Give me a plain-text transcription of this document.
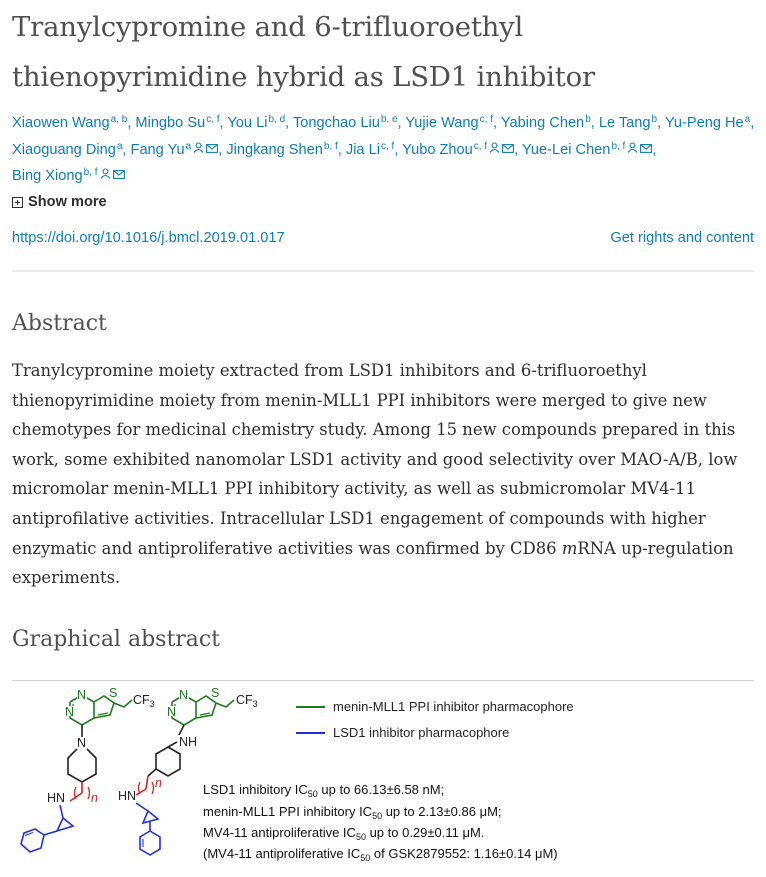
Tranylcypromine and 6-trifluoroethyl thienopyrimidine hybrid as LSD1 inhibitor
Xiaowen Wang$^{a, b}$, Mingbo Su$^{c, f}$, You Li$^{b, d}$, Tongchao Liu$^{b, e}$, Yujie Wang$^{c, f}$, Yabing Chen$^b$, Le Tang$^b$, Yu-Peng He$^a$, Xiaoguang Ding$^a$, Fang Yu$^a$ , Jingkang Shen$^{b, f}$, Jia Li$^{c, f}$, Yubo Zhou$^{c, f}$ , Yue-Lei Chen$^{b, f}$ , Bing Xiong$^{b, f}$
Show more
https://doi.org/10.1016/j.bmcl.2019.01.017	Get rights and content
Abstract

Tranylcypromine moiety extracted from LSD1 inhibitors and 6-trifluoroethyl thienopyrimidine moiety from menin-MLL1 PPI inhibitors were merged to give new chemotypes for medicinal chemistry study. Among 15 new compounds prepared in this work, some exhibited nanomolar LSD1 activity and good selectivity over MAO-A/B, low micromolar menin-MLL1 PPI inhibitory activity, as well as submicromolar MV4-11 antiprofilative activities. Intracellular LSD1 engagement of compounds with higher enzymatic and antiproliferative activities was confirmed by CD86 mRNA up-regulation experiments.

Graphical abstract
N
N S $CF_3$
N
n
HN
N
N S $CF_3$
NH
n
HN
menin-MLL1 PPI inhibitor pharmacophore
LSD1 inhibitor pharmacophore
LSD1 inhibitory $IC_{50}$ up to 66.13±6.58 nM;
menin-MLL1 PPI inhibitory $IC_{50}$ up to 2.13±0.86 μM;
MV4-11 antiproliferative $IC_{50}$ up to 0.29±0.11 μM.
(MV4-11 antiproliferative $IC_{50}$ of GSK2879552: 1.16±0.14 μM)
